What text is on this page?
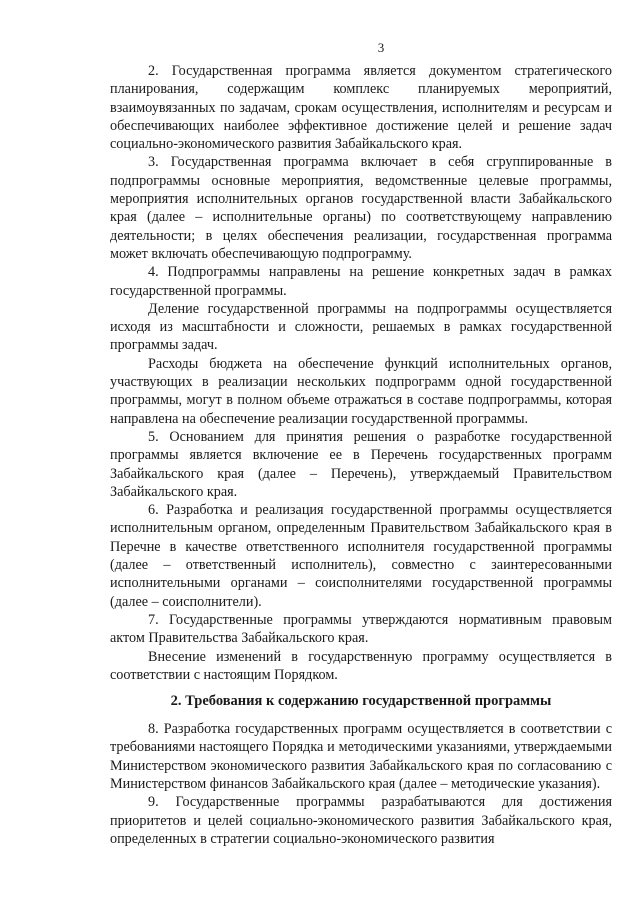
3

2. Государственная программа является документом стратегического планирования, содержащим комплекс планируемых мероприятий, взаимоувязанных по задачам, срокам осуществления, исполнителям и ресурсам и обеспечивающих наиболее эффективное достижение целей и решение задач социально-экономического развития Забайкальского края.

3. Государственная программа включает в себя сгруппированные в подпрограммы основные мероприятия, ведомственные целевые программы, мероприятия исполнительных органов государственной власти Забайкальского края (далее – исполнительные органы) по соответствующему направлению деятельности; в целях обеспечения реализации, государственная программа может включать обеспечивающую подпрограмму.

4. Подпрограммы направлены на решение конкретных задач в рамках государственной программы.

Деление государственной программы на подпрограммы осуществляется исходя из масштабности и сложности, решаемых в рамках государственной программы задач.

Расходы бюджета на обеспечение функций исполнительных органов, участвующих в реализации нескольких подпрограмм одной государственной программы, могут в полном объеме отражаться в составе подпрограммы, которая направлена на обеспечение реализации государственной программы.

5. Основанием для принятия решения о разработке государственной программы является включение ее в Перечень государственных программ Забайкальского края (далее – Перечень), утверждаемый Правительством Забайкальского края.

6. Разработка и реализация государственной программы осуществляется исполнительным органом, определенным Правительством Забайкальского края в Перечне в качестве ответственного исполнителя государственной программы (далее – ответственный исполнитель), совместно с заинтересованными исполнительными органами – соисполнителями государственной программы (далее – соисполнители).

7. Государственные программы утверждаются нормативным правовым актом Правительства Забайкальского края.

Внесение изменений в государственную программу осуществляется в соответствии с настоящим Порядком.

2. Требования к содержанию государственной программы

8. Разработка государственных программ осуществляется в соответствии с требованиями настоящего Порядка и методическими указаниями, утверждаемыми Министерством экономического развития Забайкальского края по согласованию с Министерством финансов Забайкальского края (далее – методические указания).

9. Государственные программы разрабатываются для достижения приоритетов и целей социально-экономического развития Забайкальского края, определенных в стратегии социально-экономического развития
